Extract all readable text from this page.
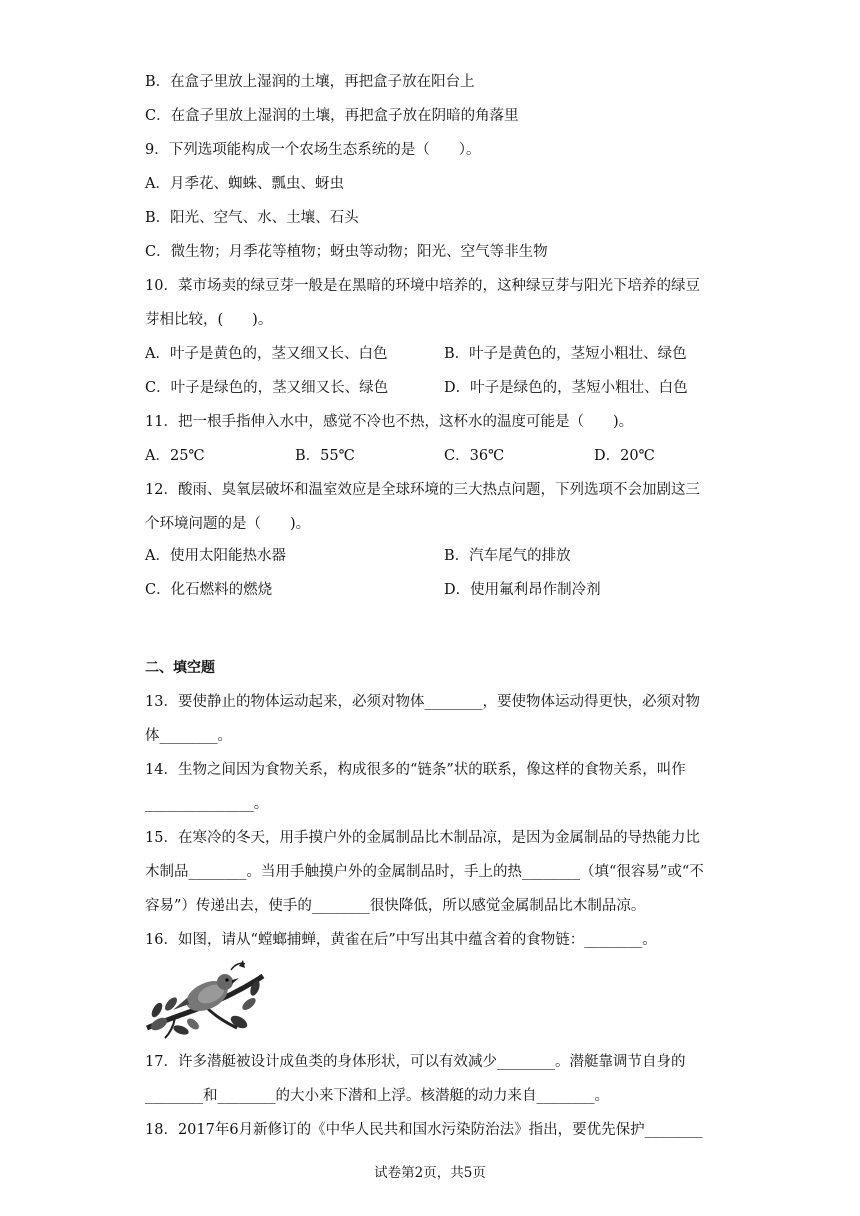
B．在盒子里放上湿润的土壤，再把盒子放在阳台上
C．在盒子里放上湿润的土壤，再把盒子放在阴暗的角落里
9．下列选项能构成一个农场生态系统的是（　　）。
A．月季花、蜘蛛、瓢虫、蚜虫
B．阳光、空气、水、土壤、石头
C．微生物；月季花等植物；蚜虫等动物；阳光、空气等非生物
10．菜市场卖的绿豆芽一般是在黑暗的环境中培养的，这种绿豆芽与阳光下培养的绿豆
芽相比较，(　　)。
A．叶子是黄色的，茎又细又长、白色	B．叶子是黄色的，茎短小粗壮、绿色
C．叶子是绿色的，茎又细又长、绿色	D．叶子是绿色的，茎短小粗壮、白色
11．把一根手指伸入水中，感觉不冷也不热，这杯水的温度可能是（　　)。
A．25℃	B．55℃	C．36℃	D．20℃
12．酸雨、臭氧层破坏和温室效应是全球环境的三大热点问题，下列选项不会加剧这三
个环境问题的是（　　)。
A．使用太阳能热水器	B．汽车尾气的排放
C．化石燃料的燃烧	D．使用氟利昂作制冷剂
二、填空题
13．要使静止的物体运动起来，必须对物体________，要使物体运动得更快，必须对物
体________。
14．生物之间因为食物关系，构成很多的“链条”状的联系，像这样的食物关系，叫作
_______________。
15．在寒冷的冬天，用手摸户外的金属制品比木制品凉，是因为金属制品的导热能力比
木制品________。当用手触摸户外的金属制品时，手上的热________（填“很容易”或“不
容易”）传递出去，使手的________很快降低，所以感觉金属制品比木制品凉。
16．如图，请从“螳螂捕蝉，黄雀在后”中写出其中蕴含着的食物链：________。
17．许多潜艇被设计成鱼类的身体形状，可以有效减少________。潜艇靠调节自身的
________和________的大小来下潜和上浮。核潜艇的动力来自________。
18．2017年6月新修订的《中华人民共和国水污染防治法》指出，要优先保护________
试卷第2页，共5页
